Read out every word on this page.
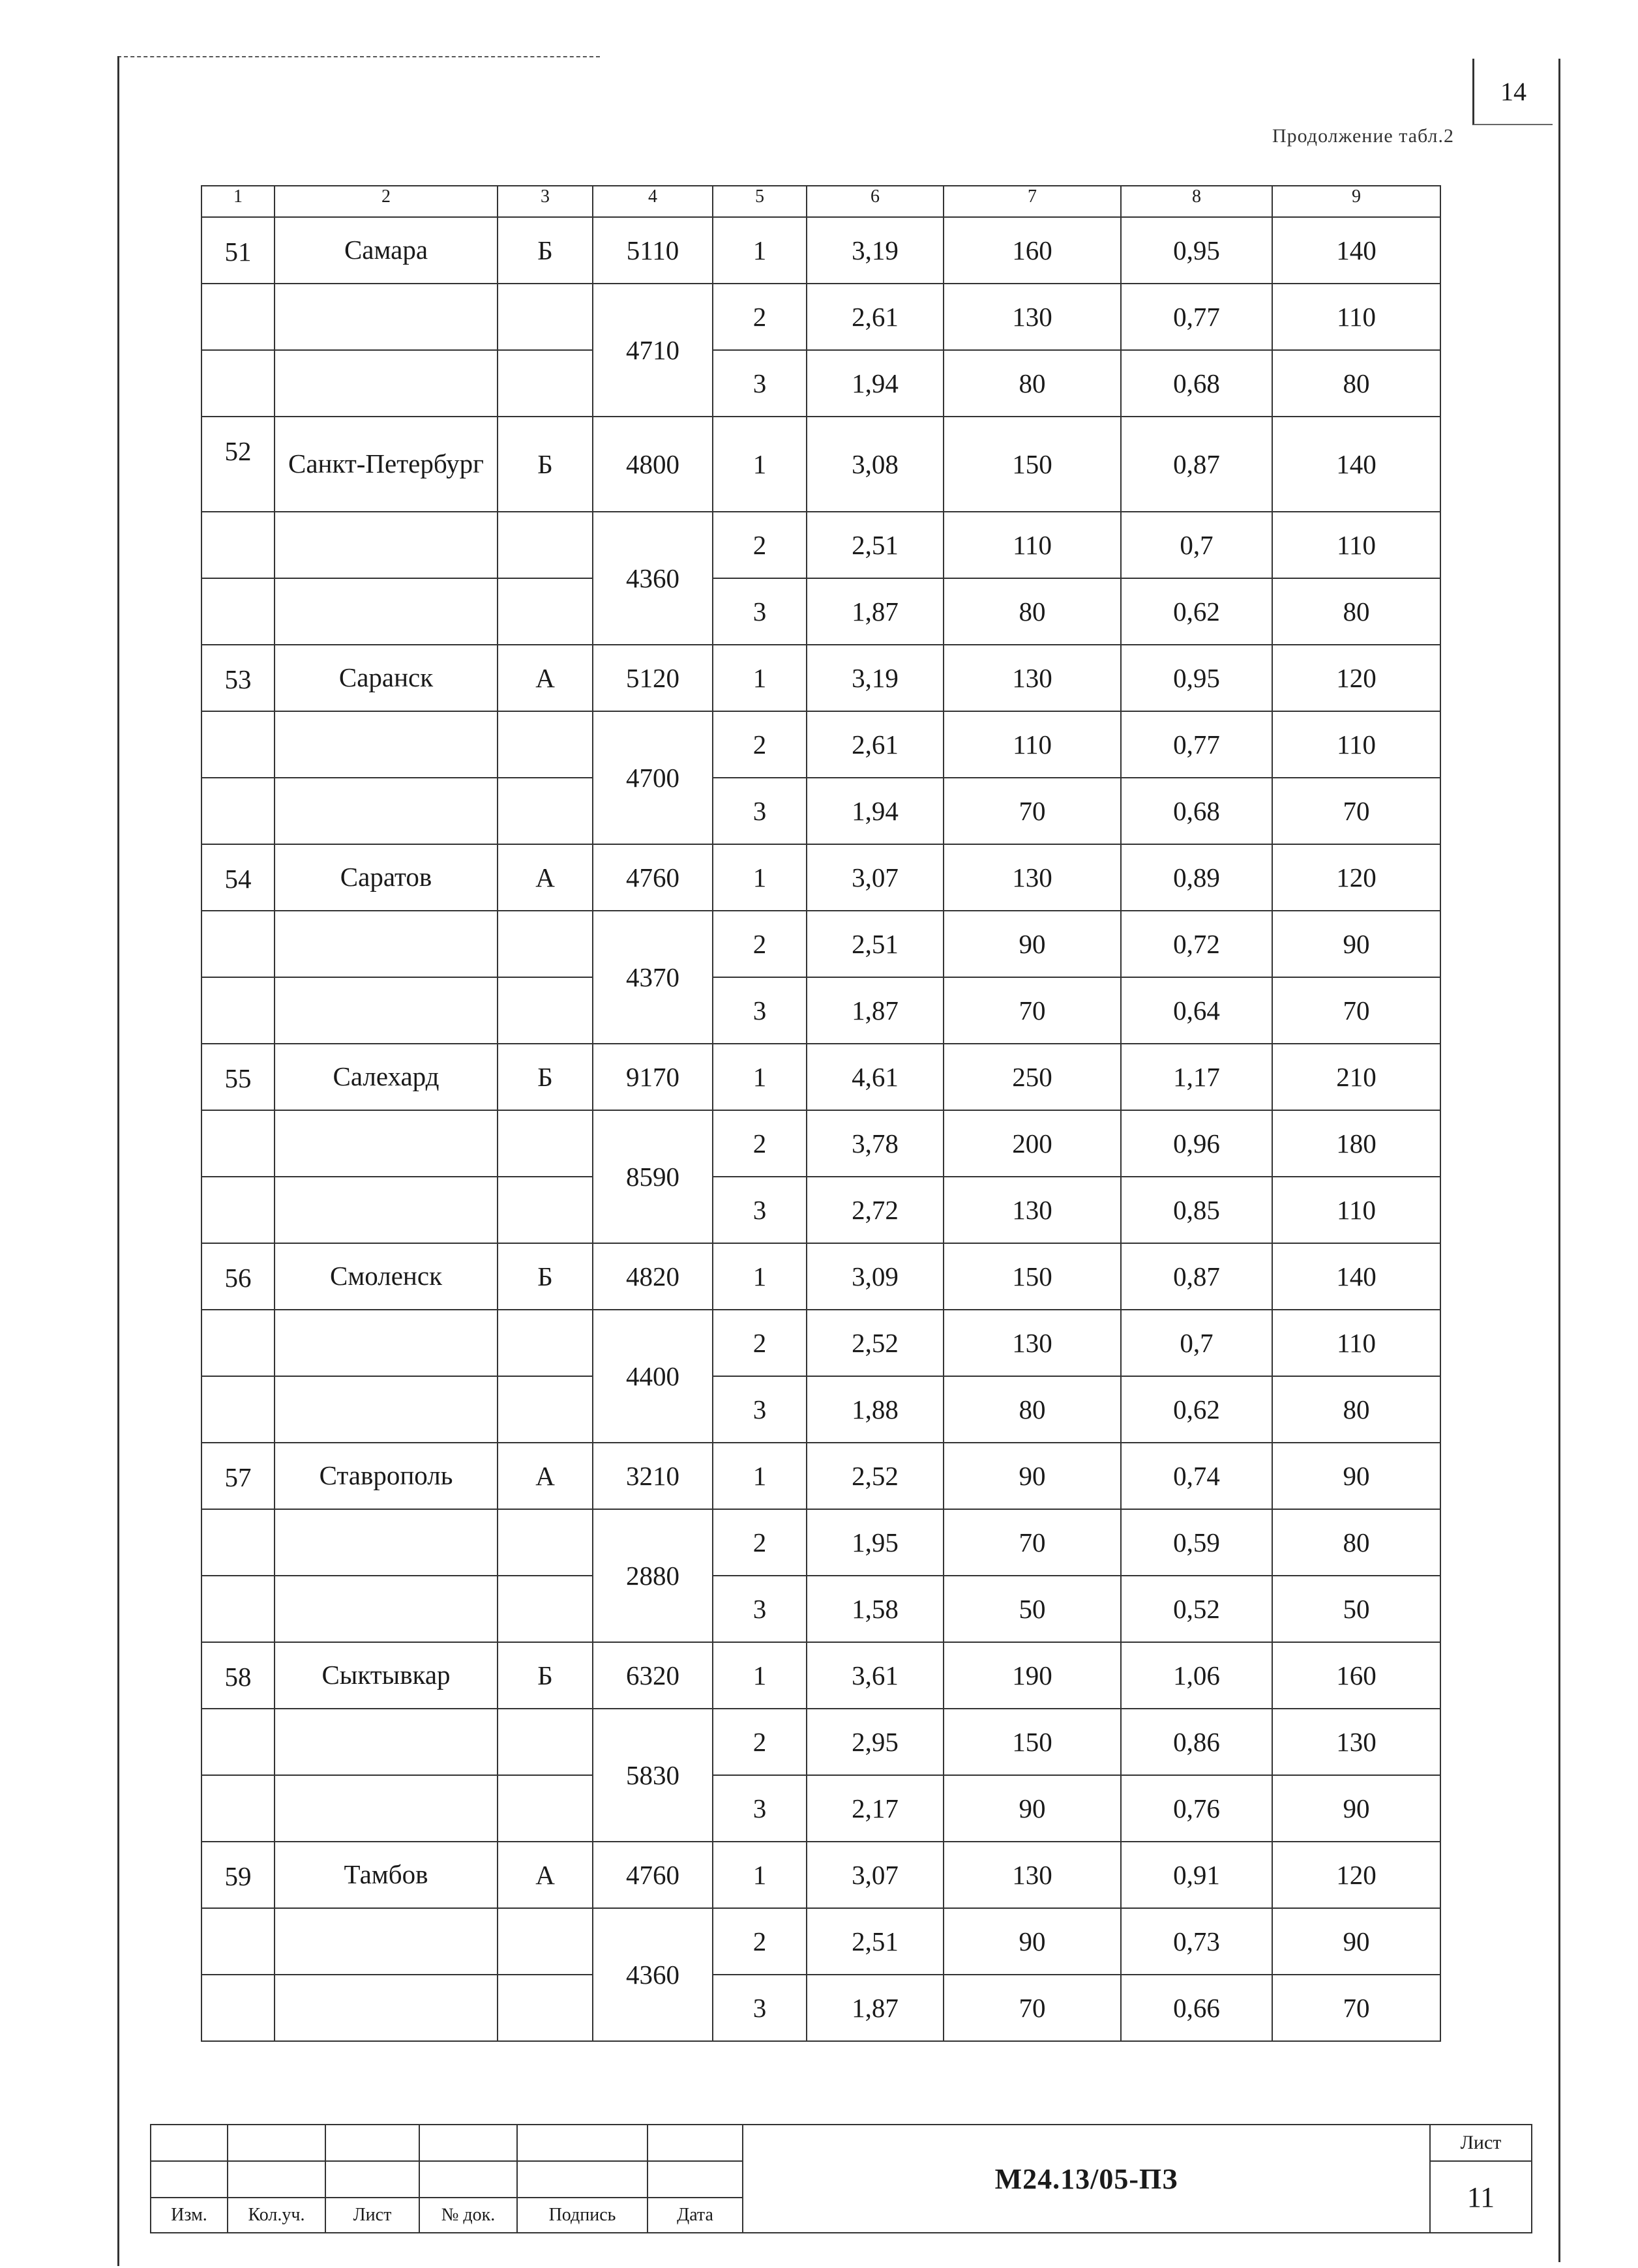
14
Продолжение табл.2
1	2	3	4	5	6	7	8	9
51	Самара	Б	5110	1	3,19	160	0,95	140
			4710	2	2,61	130	0,77	110
				3	1,94	80	0,68	80
52	Санкт-Петербург	Б	4800	1	3,08	150	0,87	140
			4360	2	2,51	110	0,7	110
				3	1,87	80	0,62	80
53	Саранск	А	5120	1	3,19	130	0,95	120
			4700	2	2,61	110	0,77	110
				3	1,94	70	0,68	70
54	Саратов	А	4760	1	3,07	130	0,89	120
			4370	2	2,51	90	0,72	90
				3	1,87	70	0,64	70
55	Салехард	Б	9170	1	4,61	250	1,17	210
			8590	2	3,78	200	0,96	180
				3	2,72	130	0,85	110
56	Смоленск	Б	4820	1	3,09	150	0,87	140
			4400	2	2,52	130	0,7	110
				3	1,88	80	0,62	80
57	Ставрополь	А	3210	1	2,52	90	0,74	90
			2880	2	1,95	70	0,59	80
				3	1,58	50	0,52	50
58	Сыктывкар	Б	6320	1	3,61	190	1,06	160
			5830	2	2,95	150	0,86	130
				3	2,17	90	0,76	90
59	Тамбов	А	4760	1	3,07	130	0,91	120
			4360	2	2,51	90	0,73	90
				3	1,87	70	0,66	70
						М24.13/05-ПЗ	Лист
							11
Изм.	Кол.уч.	Лист	№ док.	Подпись	Дата		
